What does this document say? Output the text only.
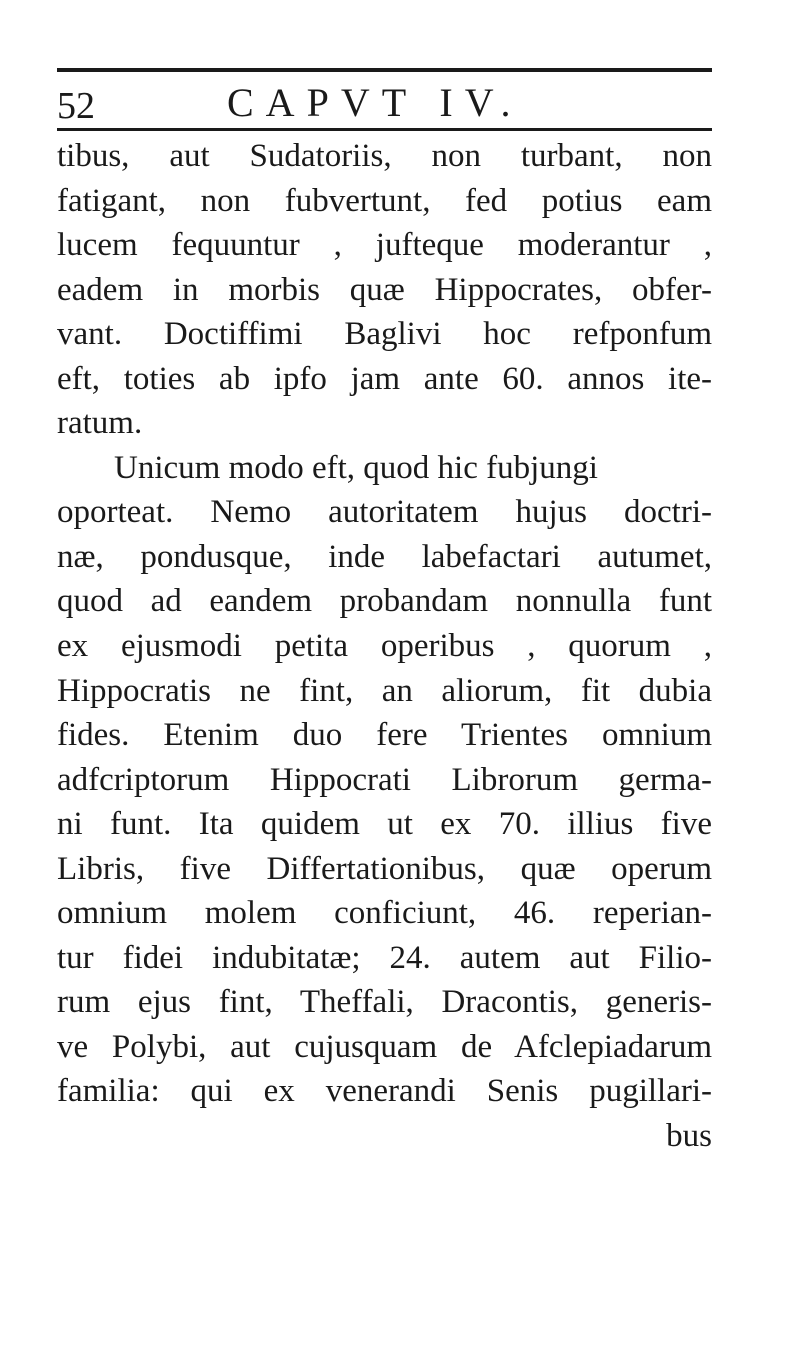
52	CAPVT IV.
tibus, aut Sudatoriis, non turbant, non
fatigant, non fubvertunt, fed potius eam
lucem fequuntur , jufteque moderantur ,
eadem in morbis quæ Hippocrates, obfer-
vant. Doctiffimi Baglivi hoc refponfum
eft, toties ab ipfo jam ante 60. annos ite-
ratum.
Unicum modo eft, quod hic fubjungi
oporteat. Nemo autoritatem hujus doctri-
næ, pondusque, inde labefactari autumet,
quod ad eandem probandam nonnulla funt
ex ejusmodi petita operibus , quorum ,
Hippocratis ne fint, an aliorum, fit dubia
fides. Etenim duo fere Trientes omnium
adfcriptorum Hippocrati Librorum germa-
ni funt. Ita quidem ut ex 70. illius five
Libris, five Differtationibus, quæ operum
omnium molem conficiunt, 46. reperian-
tur fidei indubitatæ; 24. autem aut Filio-
rum ejus fint, Theffali, Dracontis, generis-
ve Polybi, aut cujusquam de Afclepiadarum
familia: qui ex venerandi Senis pugillari-
bus
